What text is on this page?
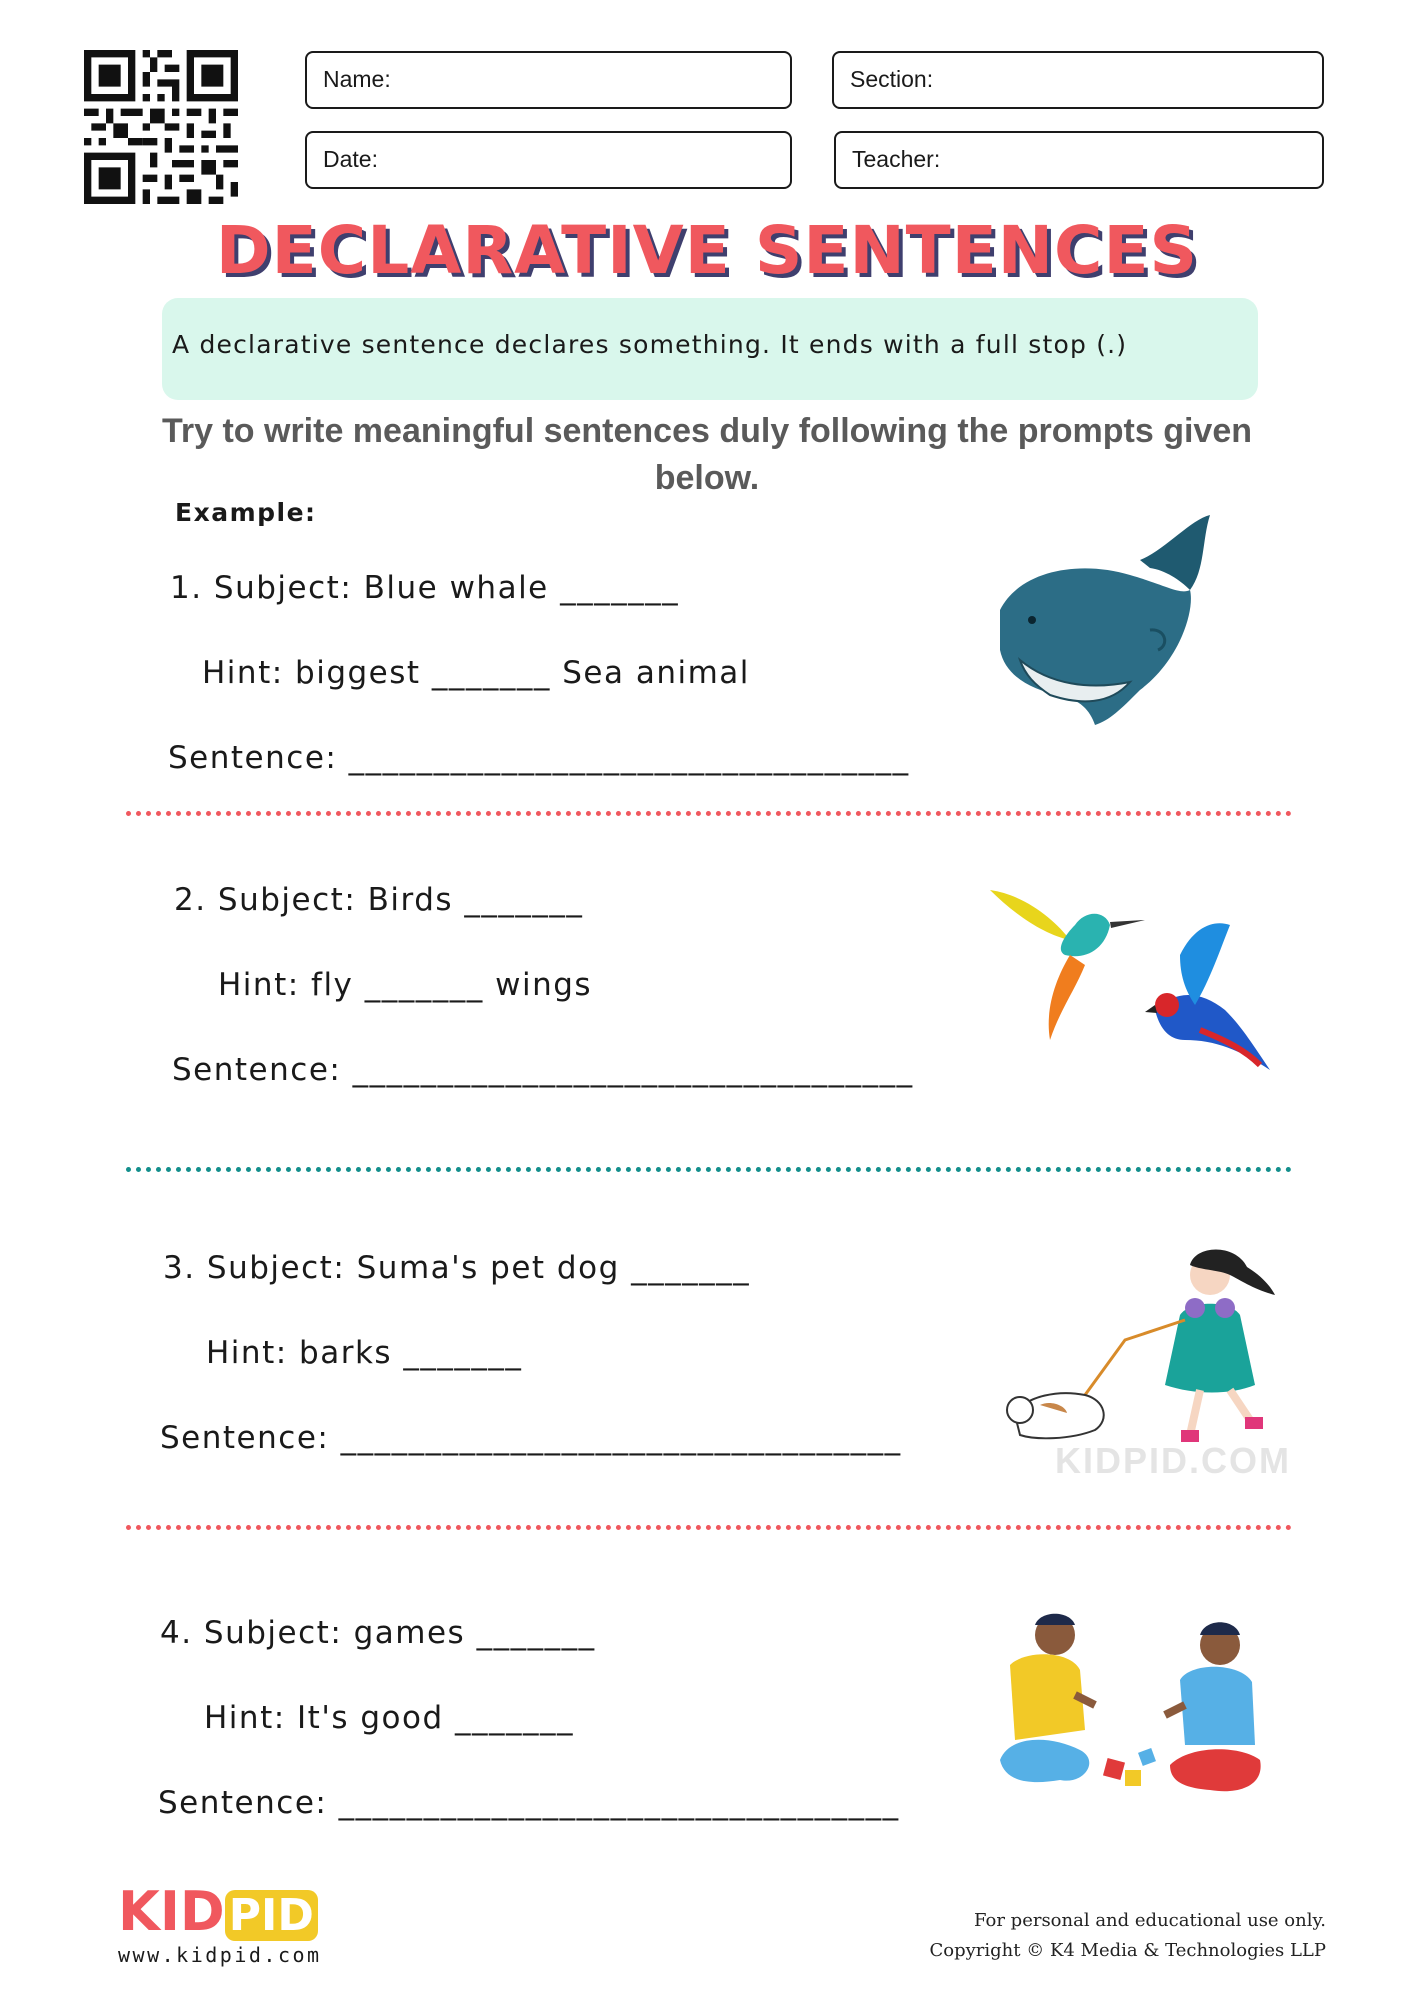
Name:	Section:
Date:	Teacher:
DECLARATIVE SENTENCES
A declarative sentence declares something. It ends with a full stop (.)
Try to write meaningful sentences duly following the prompts given below.
Example:
1. Subject: Blue whale _______
Hint: biggest _______ Sea animal
Sentence: _________________________________
2. Subject: Birds _______
Hint: fly _______ wings
Sentence: _________________________________
3. Subject: Suma's pet dog _______
Hint: barks _______
Sentence: _________________________________
KIDPID.COM
4. Subject: games _______
Hint: It's good _______
Sentence: _________________________________
KIDPID
www.kidpid.com
For personal and educational use only.
Copyright © K4 Media & Technologies LLP
